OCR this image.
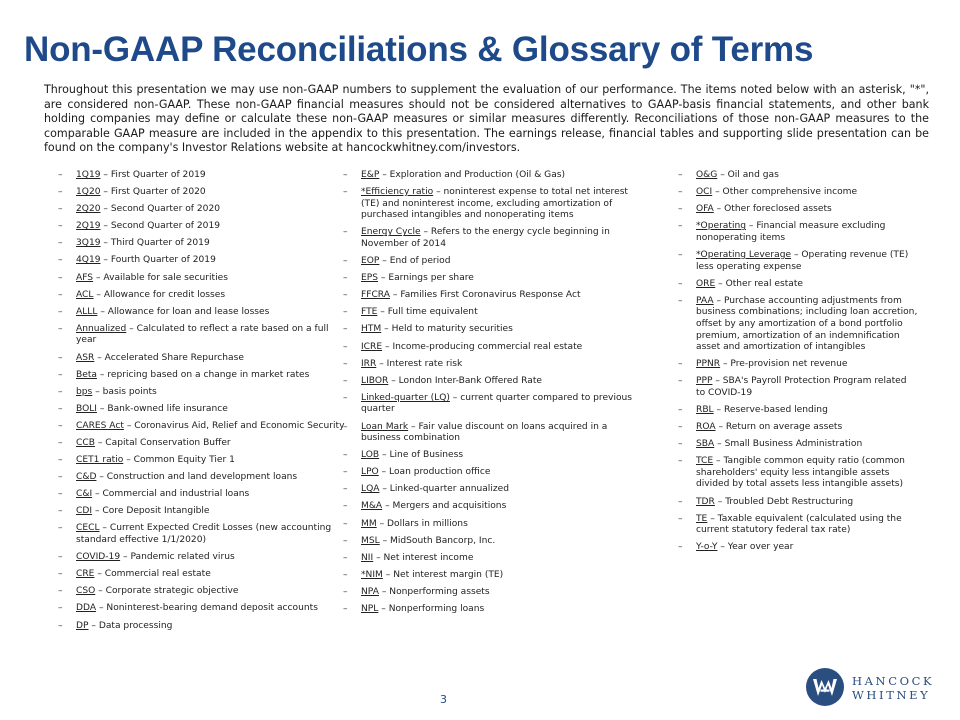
Non-GAAP Reconciliations & Glossary of Terms

Throughout this presentation we may use non-GAAP numbers to supplement the evaluation of our performance. The items noted below with an asterisk, "*", are considered non-GAAP. These non-GAAP financial measures should not be considered alternatives to GAAP-basis financial statements, and other bank holding companies may define or calculate these non-GAAP measures or similar measures differently. Reconciliations of those non-GAAP measures to the comparable GAAP measure are included in the appendix to this presentation. The earnings release, financial tables and supporting slide presentation can be found on the company's Investor Relations website at hancockwhitney.com/investors.

– 1Q19 – First Quarter of 2019
– 1Q20 – First Quarter of 2020
– 2Q20 – Second Quarter of 2020
– 2Q19 – Second Quarter of 2019
– 3Q19 – Third Quarter of 2019
– 4Q19 – Fourth Quarter of 2019
– AFS – Available for sale securities
– ACL – Allowance for credit losses
– ALLL – Allowance for loan and lease losses
– Annualized – Calculated to reflect a rate based on a full year
– ASR – Accelerated Share Repurchase
– Beta – repricing based on a change in market rates
– bps – basis points
– BOLI – Bank-owned life insurance
– CARES Act – Coronavirus Aid, Relief and Economic Security
– CCB – Capital Conservation Buffer
– CET1 ratio – Common Equity Tier 1
– C&D – Construction and land development loans
– C&I – Commercial and industrial loans
– CDI – Core Deposit Intangible
– CECL – Current Expected Credit Losses (new accounting standard effective 1/1/2020)
– COVID-19 – Pandemic related virus
– CRE – Commercial real estate
– CSO – Corporate strategic objective
– DDA – Noninterest-bearing demand deposit accounts
– DP – Data processing
– E&P – Exploration and Production (Oil & Gas)
– *Efficiency ratio – noninterest expense to total net interest (TE) and noninterest income, excluding amortization of purchased intangibles and nonoperating items
– Energy Cycle – Refers to the energy cycle beginning in November of 2014
– EOP – End of period
– EPS – Earnings per share
– FFCRA – Families First Coronavirus Response Act
– FTE – Full time equivalent
– HTM – Held to maturity securities
– ICRE – Income-producing commercial real estate
– IRR – Interest rate risk
– LIBOR – London Inter-Bank Offered Rate
– Linked-quarter (LQ) – current quarter compared to previous quarter
– Loan Mark – Fair value discount on loans acquired in a business combination
– LOB – Line of Business
– LPO – Loan production office
– LQA – Linked-quarter annualized
– M&A – Mergers and acquisitions
– MM – Dollars in millions
– MSL – MidSouth Bancorp, Inc.
– NII – Net interest income
– *NIM – Net interest margin (TE)
– NPA – Nonperforming assets
– NPL – Nonperforming loans
– O&G – Oil and gas
– OCI – Other comprehensive income
– OFA – Other foreclosed assets
– *Operating – Financial measure excluding nonoperating items
– *Operating Leverage – Operating revenue (TE) less operating expense
– ORE – Other real estate
– PAA – Purchase accounting adjustments from business combinations; including loan accretion, offset by any amortization of a bond portfolio premium, amortization of an indemnification asset and amortization of intangibles
– PPNR – Pre-provision net revenue
– PPP – SBA's Payroll Protection Program related to COVID-19
– RBL – Reserve-based lending
– ROA – Return on average assets
– SBA – Small Business Administration
– TCE – Tangible common equity ratio (common shareholders' equity less intangible assets divided by total assets less intangible assets)
– TDR – Troubled Debt Restructuring
– TE – Taxable equivalent (calculated using the current statutory federal tax rate)
– Y-o-Y – Year over year
3
HANCOCK
WHITNEY
